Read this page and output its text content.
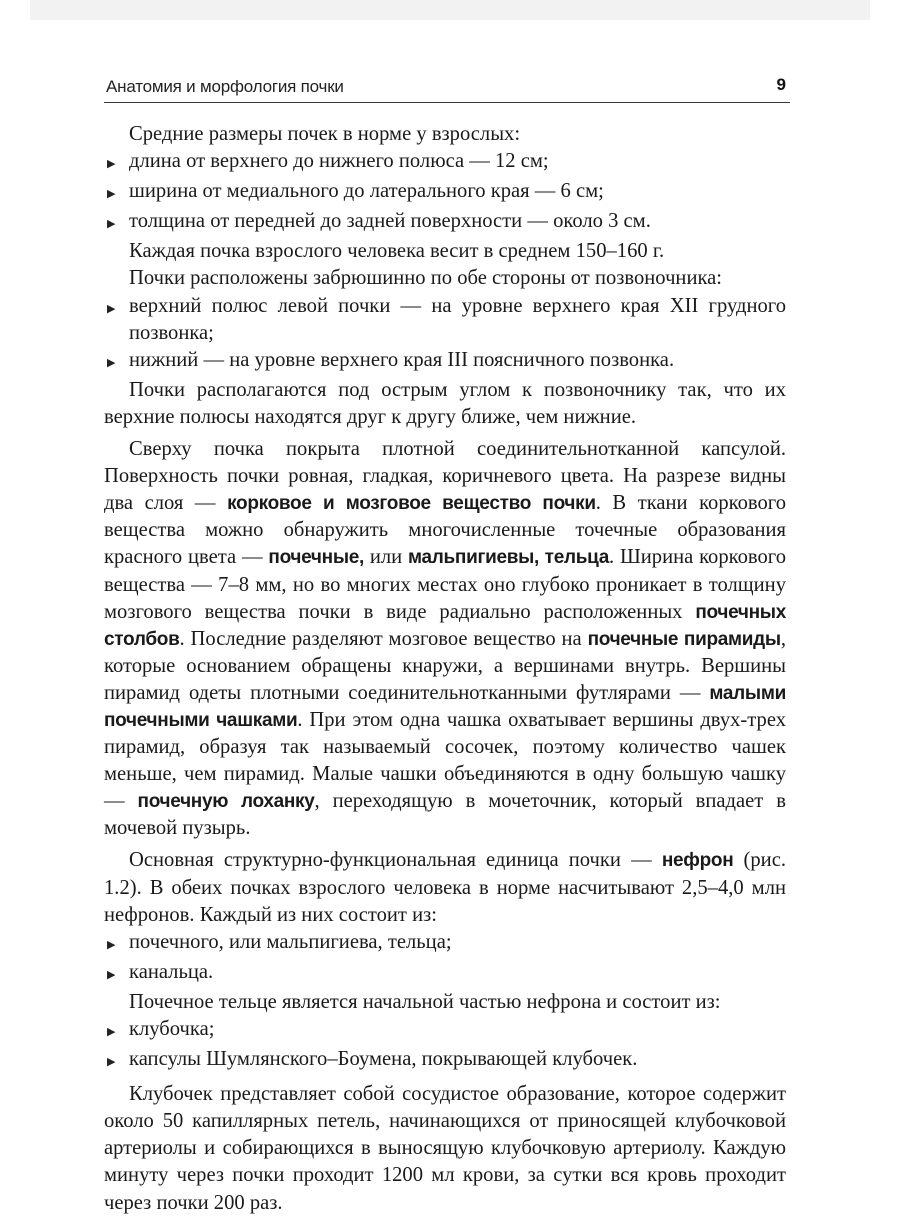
Анатомия и морфология почки	9

Средние размеры почек в норме у взрослых:

▶ длина от верхнего до нижнего полюса — 12 см;
▶ ширина от медиального до латерального края — 6 см;
▶ толщина от передней до задней поверхности — около 3 см.

Каждая почка взрослого человека весит в среднем 150–160 г.

Почки расположены забрюшинно по обе стороны от позвоночника:

▶ верхний полюс левой почки — на уровне верхнего края XII грудного позвонка;
▶ нижний — на уровне верхнего края III поясничного позвонка.

Почки располагаются под острым углом к позвоночнику так, что их верхние полюсы находятся друг к другу ближе, чем нижние.

Сверху почка покрыта плотной соединительнотканной капсулой. Поверхность почки ровная, гладкая, коричневого цвета. На разрезе видны два слоя — корковое и мозговое вещество почки. В ткани коркового вещества можно обнаружить многочисленные точечные образования красного цвета — почечные, или мальпигиевы, тельца. Ширина коркового вещества — 7–8 мм, но во многих местах оно глубоко проникает в толщину мозгового вещества почки в виде радиально расположенных почечных столбов. Последние разделяют мозговое вещество на почечные пирамиды, которые основанием обращены кнаружи, а вершинами внутрь. Вершины пирамид одеты плотными соединительнотканными футлярами — малыми почечными чашками. При этом одна чашка охватывает вершины двух-трех пирамид, образуя так называемый сосочек, поэтому количество чашек меньше, чем пирамид. Малые чашки объединяются в одну большую чашку — почечную лоханку, переходящую в мочеточник, который впадает в мочевой пузырь.

Основная структурно-функциональная единица почки — нефрон (рис. 1.2). В обеих почках взрослого человека в норме насчитывают 2,5–4,0 млн нефронов. Каждый из них состоит из:

▶ почечного, или мальпигиева, тельца;
▶ канальца.

Почечное тельце является начальной частью нефрона и состоит из:

▶ клубочка;
▶ капсулы Шумлянского–Боумена, покрывающей клубочек.

Клубочек представляет собой сосудистое образование, которое содержит около 50 капиллярных петель, начинающихся от приносящей клубочковой артериолы и собирающихся в выносящую клубочковую артериолу. Каждую минуту через почки проходит 1200 мл крови, за сутки вся кровь проходит через почки 200 раз.
